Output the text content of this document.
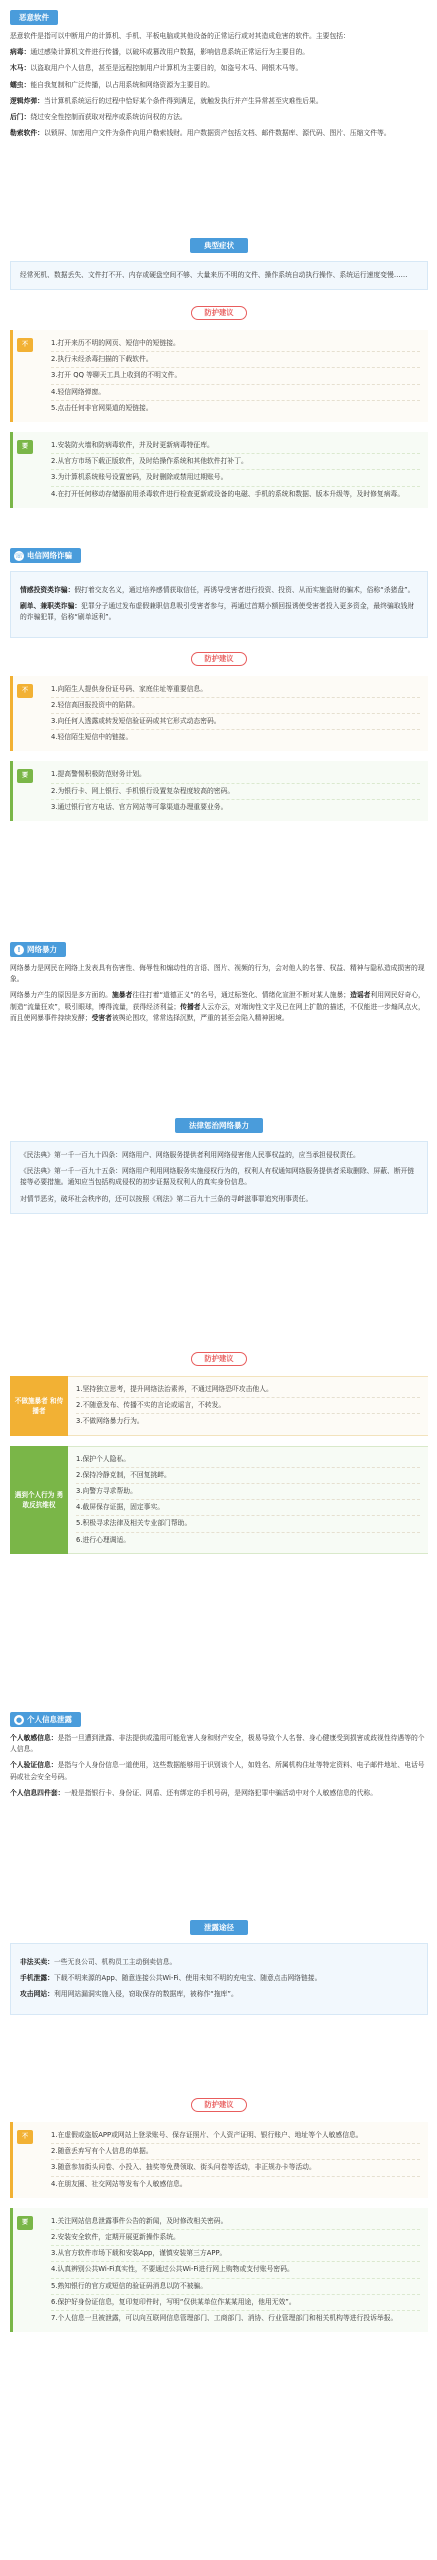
恶意软件

恶意软件是指可以中断用户的计算机、手机、平板电脑或其他设备的正常运行或对其造成危害的软件。主要包括：

病毒：通过感染计算机文件进行传播，以破坏或篡改用户数据，影响信息系统正常运行为主要目的。

木马：以盗取用户个人信息，甚至是远程控制用户计算机为主要目的，如盗号木马、网银木马等。

蠕虫：能自我复制和广泛传播，以占用系统和网络资源为主要目的。

逻辑炸弹：当计算机系统运行的过程中恰好某个条件得到满足，就触发执行并产生异常甚至灾难性后果。

后门：绕过安全性控制而获取对程序或系统访问权的方法。

勒索软件：以锁屏、加密用户文件为条件向用户勒索钱财。用户数据资产包括文档、邮件数据库、源代码、图片、压缩文件等。

典型症状

经常死机、数据丢失、文件打不开、内存或硬盘空间不够、大量来历不明的文件、操作系统自动执行操作、系统运行速度变慢……

防护建议
不	1.打开来历不明的网页、短信中的短链接。
2.执行未经杀毒扫描的下载软件。
3.打开 QQ 等聊天工具上收到的不明文件。
4.轻信网络弹窗。
5.点击任何非官网渠道的短链接。
要	1.安装防火墙和防病毒软件，并及时更新病毒特征库。
2.从官方市场下载正版软件，及时给操作系统和其他软件打补丁。
3.为计算机系统账号设置密码，及时删除或禁用过期账号。
4.在打开任何移动存储器前用杀毒软件进行检查更新或设备的电磁、手机的系统和数据、版本升级等，及时修复病毒。
☏ 电信网络诈骗

情感投资类诈骗：假打着交友名义，通过培养感情获取信任，再诱导受害者进行投资、投资、从而实施盗财的骗术，俗称“杀猪盘”。

刷单、兼职类诈骗：犯罪分子通过发布虚假兼职信息吸引受害者参与，再通过首期小额回报诱使受害者投入更多资金，最终骗取钱财的诈骗犯罪，俗称“刷单返利”。

防护建议
不	1.向陌生人提供身份证号码、家庭住址等重要信息。
2.轻信高回报投资中的陷阱。
3.向任何人透露或转发短信验证码或其它形式动态密码。
4.轻信陌生短信中的链接。
要	1.提高警惕积极防范财务计划。
2.为银行卡、网上银行、手机银行设置复杂程度较高的密码。
3.通过银行官方电话、官方网站等可靠渠道办理重要业务。
! 网络暴力

网络暴力是网民在网络上发表具有伤害性、侮辱性和煽动性的言语、图片、视频的行为，会对他人的名誉、权益、精神与隐私造成损害的现象。

网络暴力产生的原因是多方面的。施暴者往往打着“道德正义”的名号，通过标签化、情绪化宣泄不断对某人施暴；造谣者利用网民好奇心，制造“流量狂欢”，吸引眼球，博得流量，获得经济利益；传播者人云亦云，对端询性文字及已在网上扩散的描述，不仅能进一步煽风点火，而且使网暴事件持续发酵；受害者被舆论围攻，常常选择沉默，严重的甚至会陷入精神困境。

法律惩治网络暴力

《民法典》第一千一百九十四条：网络用户、网络服务提供者利用网络侵害他人民事权益的，应当承担侵权责任。

《民法典》第一千一百九十五条：网络用户利用网络服务实施侵权行为的，权利人有权通知网络服务提供者采取删除、屏蔽、断开链接等必要措施。通知应当包括构成侵权的初步证据及权利人的真实身份信息。

对情节恶劣，破坏社会秩序的，还可以按照《刑法》第二百九十三条的寻衅滋事罪追究刑事责任。

防护建议
不做施暴者 和传播者
1.坚持独立思考，提升网络法治素养，不通过网络恐吓攻击他人。
2.不随意发布、传播不实的言论或谣言，不转发。
3.不做网络暴力行为。
遇到个人行为 勇敢反抗维权
1.保护个人隐私。
2.保持冷静克制，不回复挑衅。
3.向警方寻求帮助。
4.截屏保存证据，固定事实。
5.积极寻求法律及相关专业部门帮助。
6.进行心理调适。
● 个人信息泄露

个人敏感信息：是指一旦遭到泄露、非法提供或滥用可能危害人身和财产安全，极易导致个人名誉、身心健康受到损害或歧视性待遇等的个人信息。

个人验证信息：是指与个人身份信息一道使用，这些数据能够用于识别该个人，如姓名、所属机构住址等特定资料、电子邮件地址、电话号码或社会安全号码。

个人信息四件套：一般是指银行卡、身份证、网盾、还有绑定的手机号码，是网络犯罪中骗活动中对个人敏感信息的代称。

泄露途径

非法买卖：一些无良公司、机构员工主动倒卖信息。

手机泄露：下载不明来源的App、随意连接公共Wi-Fi、使用未知不明的充电宝、随意点击网络链接。

攻击网站：利用网站漏洞实施入侵，窃取保存的数据库，被称作“拖库”。

防护建议
不	1.在虚假或盗版APP或网站上登录账号、保存证照片、个人资产证明、银行账户、地址等个人敏感信息。
2.随意丢弃写有个人信息的单据。
3.随意参加街头问卷、小投入、抽奖等免费领取、街头问卷等活动，非正规办卡等活动。
4.在朋友圈、社交网站等发布个人敏感信息。
要	1.关注网站信息泄露事件公告的新闻，及时修改相关密码。
2.安装安全软件，定期开展更新操作系统。
3.从官方软件市场下载和安装App，谨慎安装第三方APP。
4.认真辨别公共Wi-Fi真实性，不要通过公共Wi-Fi进行网上购物或支付账号密码。
5.熟知银行的官方或短信的验证码消息以防不被骗。
6.保护好身份证信息，复印复印件时，写明“仅供某单位作某某用途，他用无效”。
7.个人信息一旦被泄露，可以向互联网信息管理部门、工商部门、消协、行业管理部门和相关机构等进行投诉举报。
